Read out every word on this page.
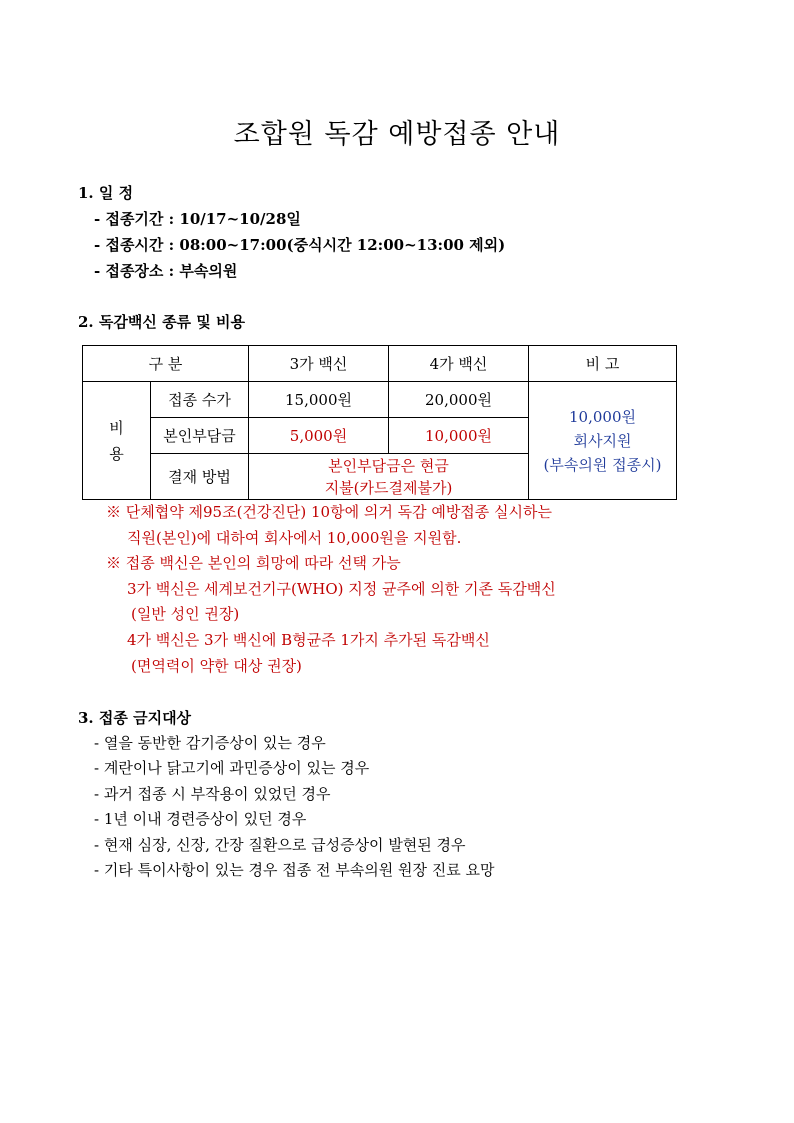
조합원 독감 예방접종 안내
1. 일 정
- 접종기간 : 10/17~10/28일
- 접종시간 : 08:00~17:00(중식시간 12:00~13:00 제외)
- 접종장소 : 부속의원
2. 독감백신 종류 및 비용
구 분		3가 백신	4가 백신	비 고
비
용	접종 수가	15,000원	20,000원	10,000원
회사지원
(부속의원 접종시)
	본인부담금	5,000원	10,000원	
	결재 방법	본인부담금은 현금
지불(카드결제불가)		
※ 단체협약 제95조(건강진단) 10항에 의거 독감 예방접종 실시하는
직원(본인)에 대하여 회사에서 10,000원을 지원함.
※ 접종 백신은 본인의 희망에 따라 선택 가능
3가 백신은 세계보건기구(WHO) 지정 균주에 의한 기존 독감백신
(일반 성인 권장)
4가 백신은 3가 백신에 B형균주 1가지 추가된 독감백신
(면역력이 약한 대상 권장)
3. 접종 금지대상
- 열을 동반한 감기증상이 있는 경우
- 계란이나 닭고기에 과민증상이 있는 경우
- 과거 접종 시 부작용이 있었던 경우
- 1년 이내 경련증상이 있던 경우
- 현재 심장, 신장, 간장 질환으로 급성증상이 발현된 경우
- 기타 특이사항이 있는 경우 접종 전 부속의원 원장 진료 요망
